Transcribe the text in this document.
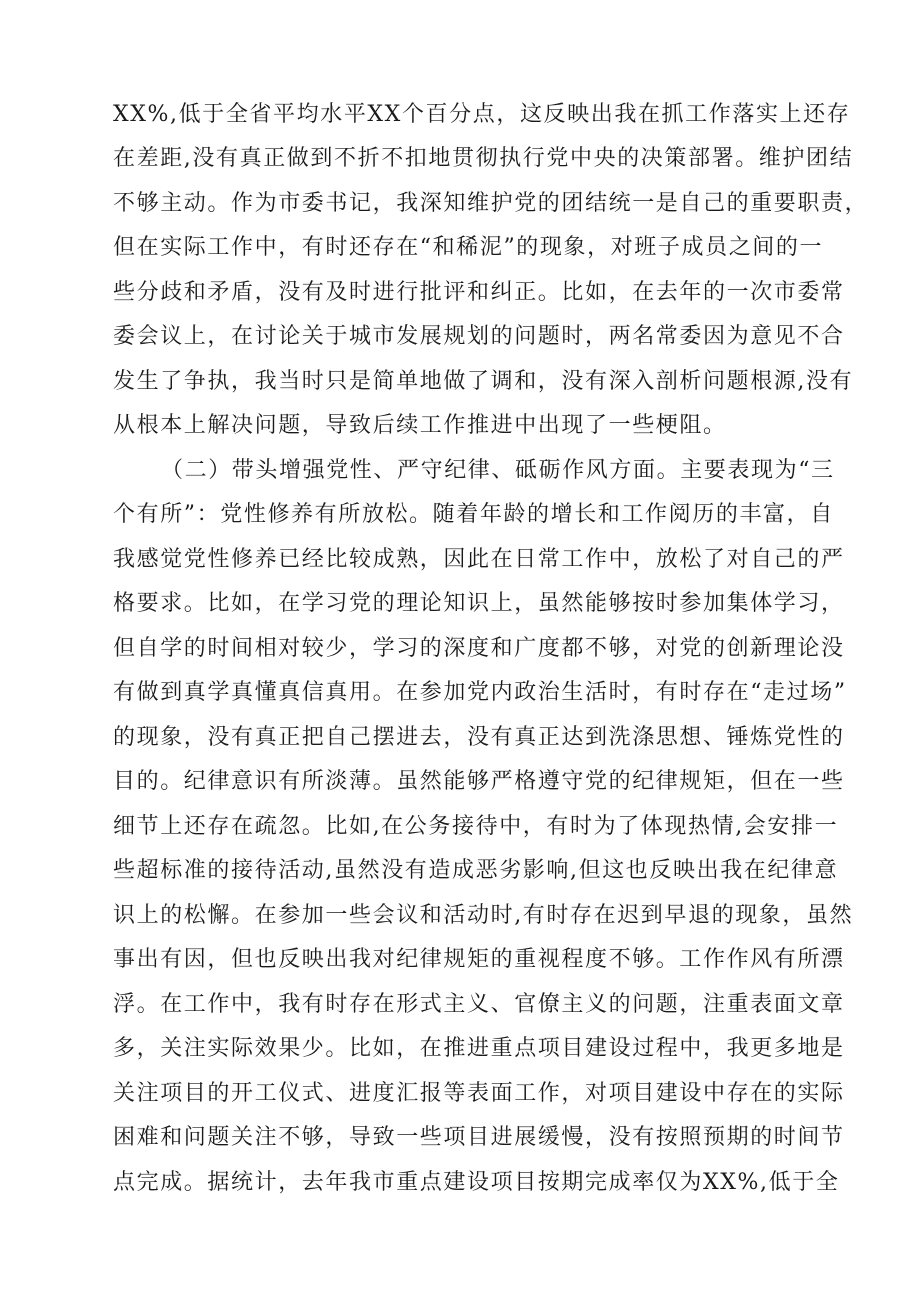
XX%,低于全省平均水平XX个百分点，这反映出我在抓工作落实上还存
在差距,没有真正做到不折不扣地贯彻执行党中央的决策部署。维护团结
不够主动。作为市委书记，我深知维护党的团结统一是自己的重要职责，
但在实际工作中，有时还存在“和稀泥”的现象，对班子成员之间的一
些分歧和矛盾，没有及时进行批评和纠正。比如，在去年的一次市委常
委会议上，在讨论关于城市发展规划的问题时，两名常委因为意见不合
发生了争执，我当时只是简单地做了调和，没有深入剖析问题根源,没有
从根本上解决问题，导致后续工作推进中出现了一些梗阻。
（二）带头增强党性、严守纪律、砥砺作风方面。主要表现为“三
个有所”：党性修养有所放松。随着年龄的增长和工作阅历的丰富，自
我感觉党性修养已经比较成熟，因此在日常工作中，放松了对自己的严
格要求。比如，在学习党的理论知识上，虽然能够按时参加集体学习，
但自学的时间相对较少，学习的深度和广度都不够，对党的创新理论没
有做到真学真懂真信真用。在参加党内政治生活时，有时存在“走过场”
的现象，没有真正把自己摆进去，没有真正达到洗涤思想、锤炼党性的
目的。纪律意识有所淡薄。虽然能够严格遵守党的纪律规矩，但在一些
细节上还存在疏忽。比如,在公务接待中，有时为了体现热情,会安排一
些超标准的接待活动,虽然没有造成恶劣影响,但这也反映出我在纪律意
识上的松懈。在参加一些会议和活动时,有时存在迟到早退的现象，虽然
事出有因，但也反映出我对纪律规矩的重视程度不够。工作作风有所漂
浮。在工作中，我有时存在形式主义、官僚主义的问题，注重表面文章
多，关注实际效果少。比如，在推进重点项目建设过程中，我更多地是
关注项目的开工仪式、进度汇报等表面工作，对项目建设中存在的实际
困难和问题关注不够，导致一些项目进展缓慢，没有按照预期的时间节
点完成。据统计，去年我市重点建设项目按期完成率仅为XX%,低于全
